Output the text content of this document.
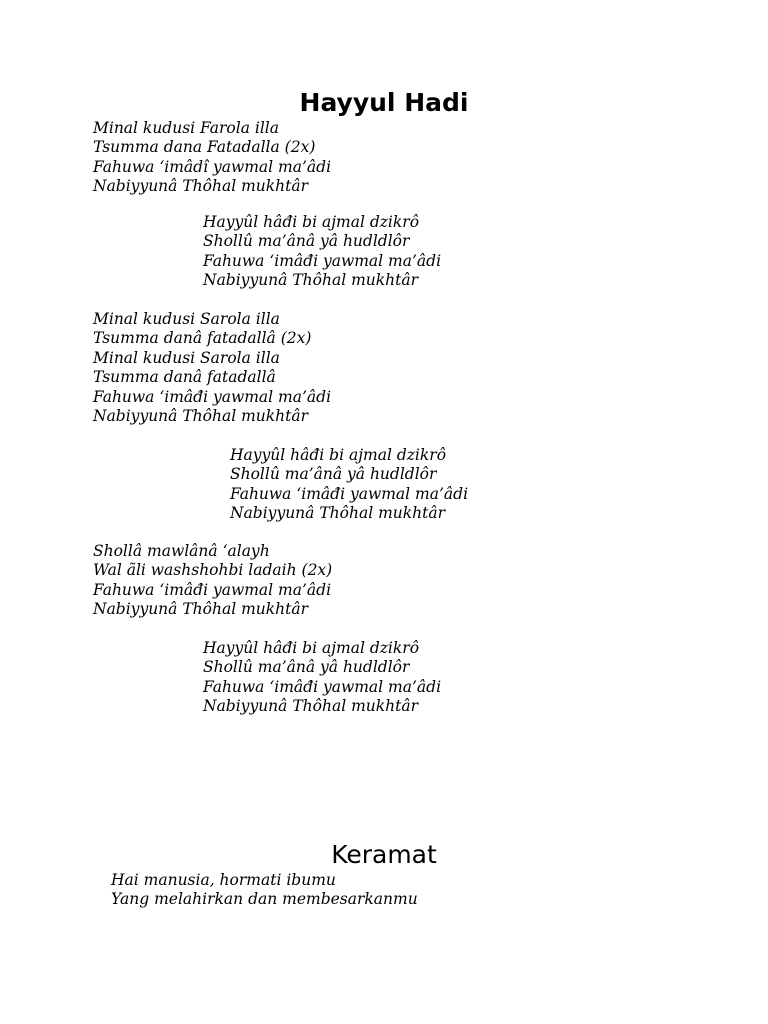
Hayyul Hadi
Minal kudusi Farola illa
Tsumma dana Fatadalla (2x)
Fahuwa ‘imâdî yawmal ma’âdi
Nabiyyunâ Thôhal mukhtâr
Hayyûl hâđi bi ajmal dzikrô
Shollû ma’ânâ yâ hudldlôr
Fahuwa ‘imâđi yawmal ma’âdi
Nabiyyunâ Thôhal mukhtâr
Minal kudusi Sarola illa
Tsumma danâ fatadallâ (2x)
Minal kudusi Sarola illa
Tsumma danâ fatadallâ
Fahuwa ‘imâđi yawmal ma’âdi
Nabiyyunâ Thôhal mukhtâr
Hayyûl hâđi bi ajmal dzikrô
Shollû ma’ânâ yâ hudldlôr
Fahuwa ‘imâđi yawmal ma’âdi
Nabiyyunâ Thôhal mukhtâr
Shollâ mawlânâ ‘alayh
Wal ãli washshohbi ladaih (2x)
Fahuwa ‘imâđi yawmal ma’âdi
Nabiyyunâ Thôhal mukhtâr
Hayyûl hâđi bi ajmal dzikrô
Shollû ma’ânâ yâ hudldlôr
Fahuwa ‘imâđi yawmal ma’âdi
Nabiyyunâ Thôhal mukhtâr
Keramat
Hai manusia, hormati ibumu
Yang melahirkan dan membesarkanmu
